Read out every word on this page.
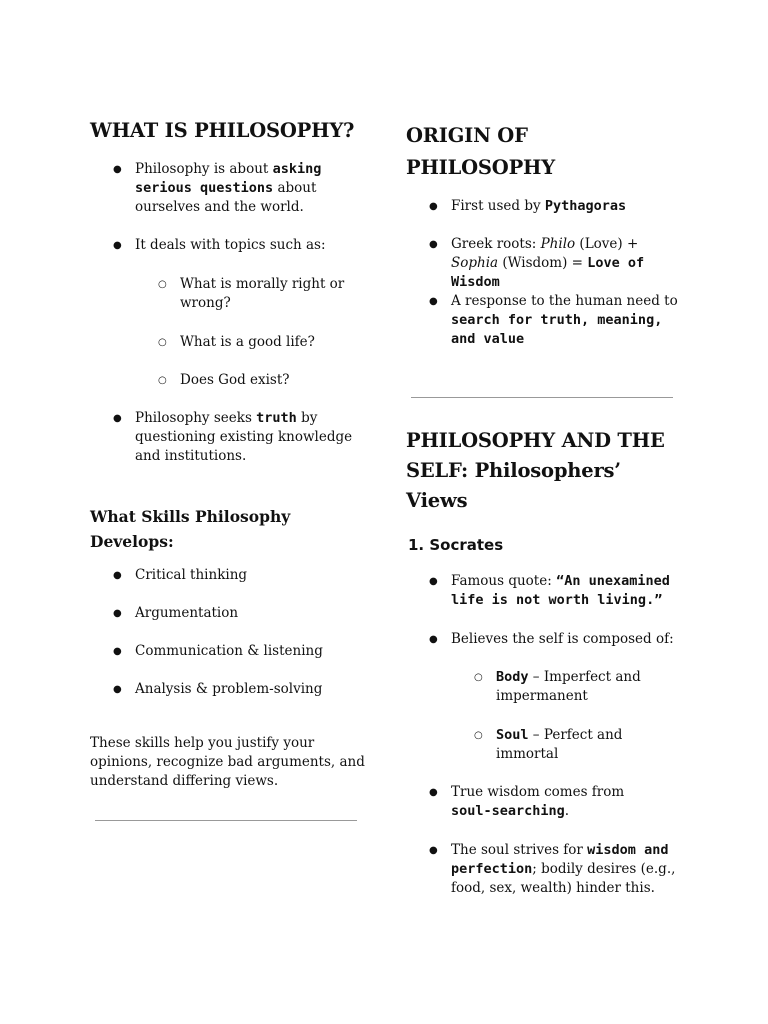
WHAT IS PHILOSOPHY?
● Philosophy is about asking serious questions about ourselves and the world.
● It deals with topics such as:
○ What is morally right or wrong?
○ What is a good life?
○ Does God exist?
● Philosophy seeks truth by questioning existing knowledge and institutions.
What Skills Philosophy
Develops:
● Critical thinking
● Argumentation
● Communication & listening
● Analysis & problem-solving

These skills help you justify your opinions, recognize bad arguments, and understand differing views.

ORIGIN OF
PHILOSOPHY
● First used by Pythagoras
● Greek roots: Philo (Love) + Sophia (Wisdom) = Love of Wisdom
● A response to the human need to search for truth, meaning, and value
PHILOSOPHY AND THE
SELF: Philosophers’
Views
1. Socrates
● Famous quote: “An unexamined life is not worth living.”
● Believes the self is composed of:
○ Body – Imperfect and impermanent
○ Soul – Perfect and immortal
● True wisdom comes from soul-searching.
● The soul strives for wisdom and perfection; bodily desires (e.g., food, sex, wealth) hinder this.
